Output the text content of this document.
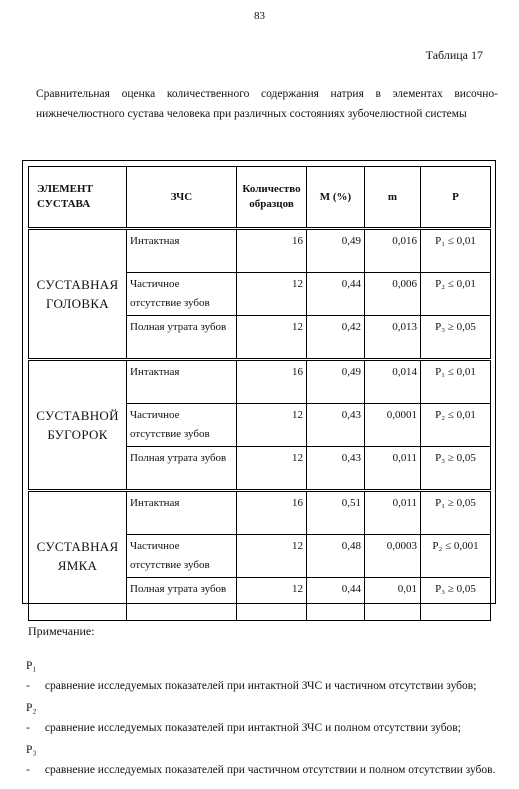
83
Таблица 17
Сравнительная оценка количественного содержания натрия в элементах височно-нижнечелюстного сустава человека при различных состояниях зубочелюстной системы
ЭЛЕМЕНТ СУСТАВА	ЗЧС	Количество образцов	М (%)	m	Р
СУСТАВНАЯ ГОЛОВКА	Интактная	16	0,49	0,016	Р₁ ≤ 0,01
	Частичное отсутствие зубов	12	0,44	0,006	Р₂ ≤ 0,01
	Полная утрата зубов	12	0,42	0,013	Р₃ ≥ 0,05
СУСТАВНОЙ БУГОРОК	Интактная	16	0,49	0,014	Р₁ ≤ 0,01
	Частичное отсутствие зубов	12	0,43	0,0001	Р₂ ≤ 0,01
	Полная утрата зубов	12	0,43	0,011	Р₃ ≥ 0,05
СУСТАВНАЯ ЯМКА	Интактная	16	0,51	0,011	Р₁ ≥ 0,05
	Частичное отсутствие зубов	12	0,48	0,0003	Р₂ ≤ 0,001
	Полная утрата зубов	12	0,44	0,01	Р₃ ≥ 0,05
Примечание:
Р₁ - сравнение исследуемых показателей при интактной ЗЧС и частичном отсутствии зубов;
Р₂ - сравнение исследуемых показателей при интактной ЗЧС и полном отсутствии зубов;
Р₃ - сравнение исследуемых показателей при частичном отсутствии и полном отсутствии зубов.
